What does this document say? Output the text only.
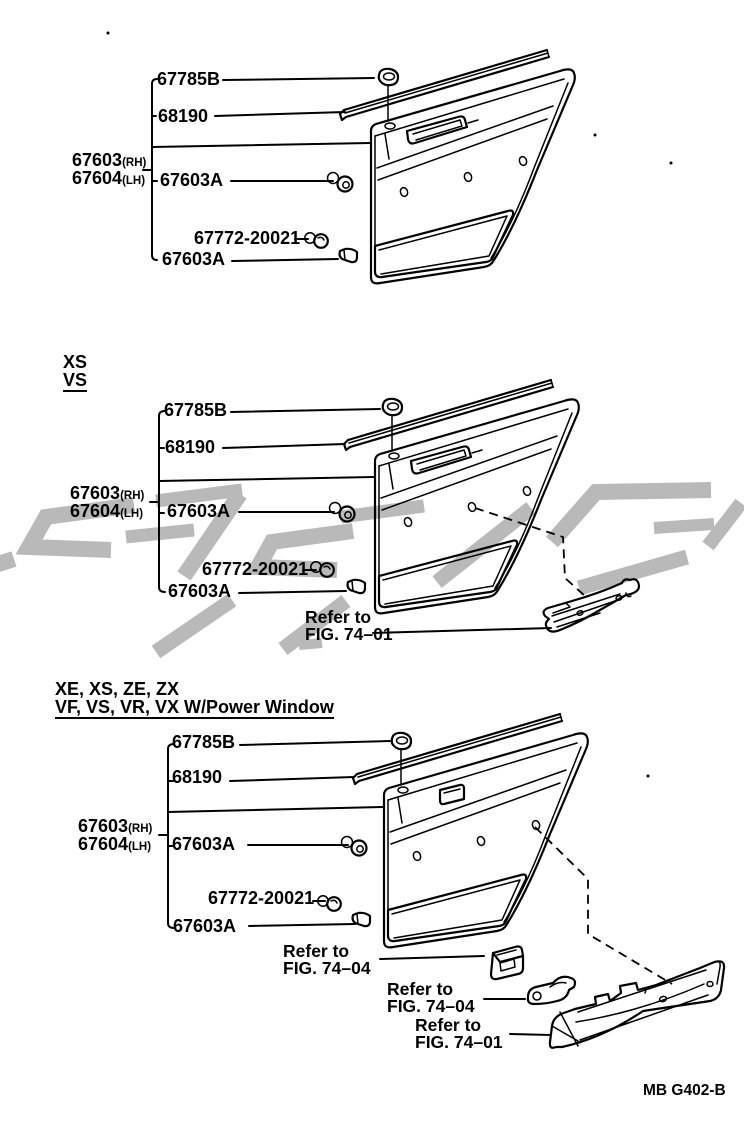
67785B
68190
67603(RH)
67604(LH) 67603A
67772-20021
67603A
XS
VS
67785B
68190
67603(RH)
67604(LH) 67603A
67772-20021
67603A
Refer to
FIG. 74–01
XE, XS, ZE, ZX
VF, VS, VR, VX W/Power Window
67785B
68190
67603(RH)
67604(LH) 67603A
67772-20021
67603A
Refer to
FIG. 74–04
Refer to
FIG. 74–04
Refer to
FIG. 74–01
MB G402-B
